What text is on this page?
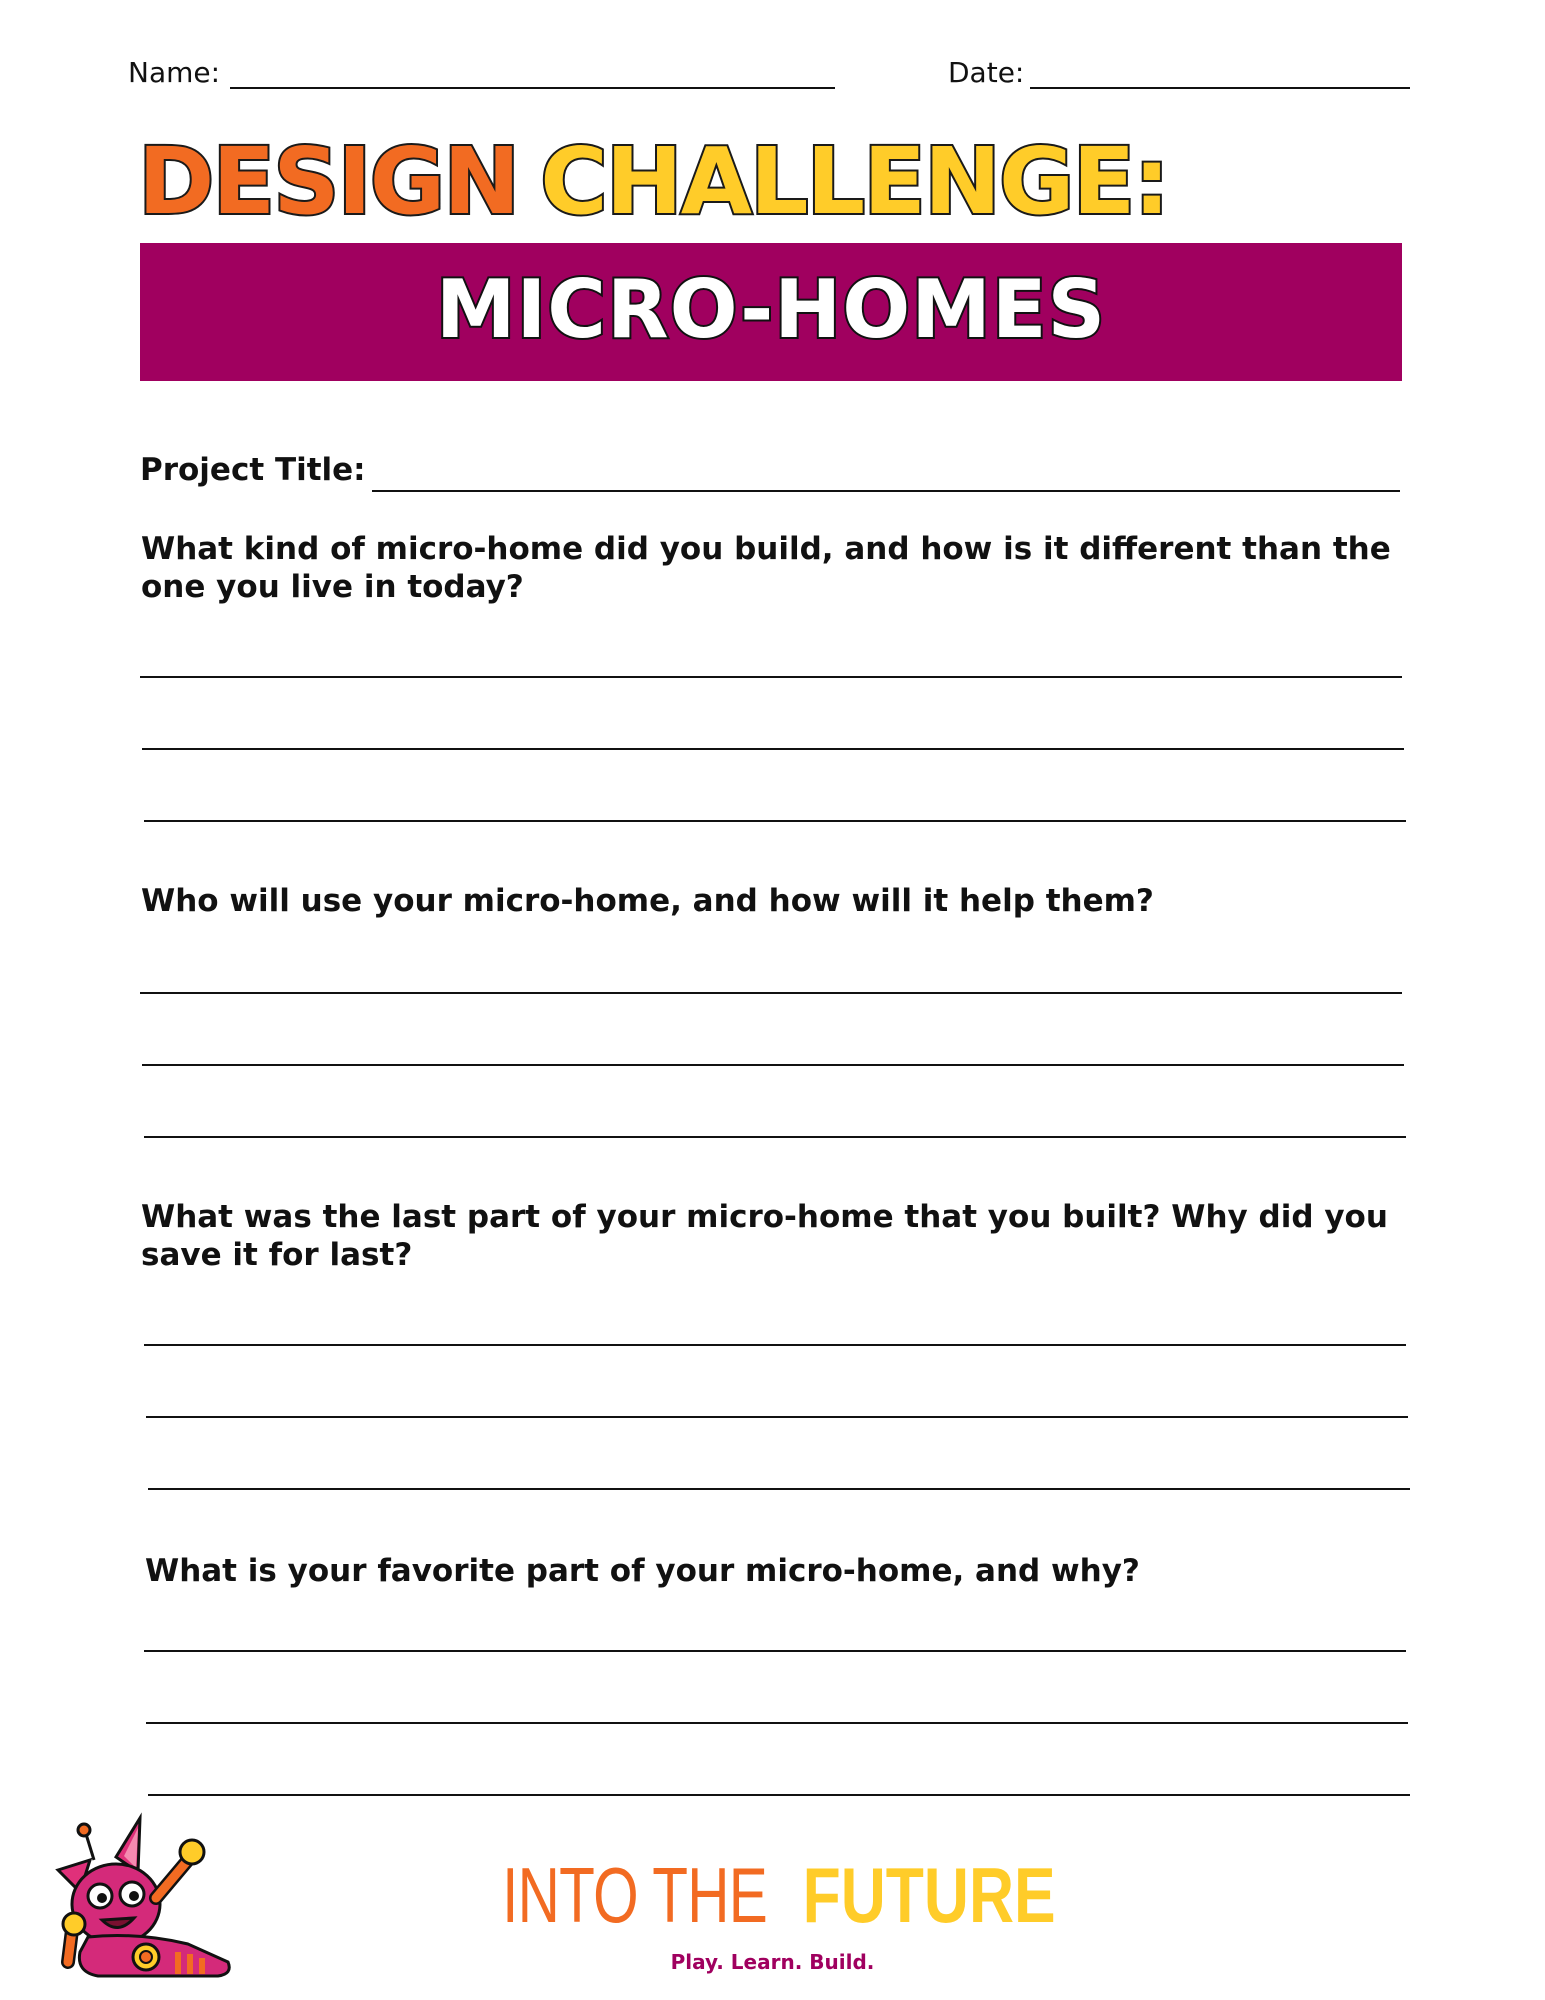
Name:	Date:
DESIGN CHALLENGE:
MICRO-HOMES
Project Title:
What kind of micro-home did you build, and how is it different than the one you live in today?
Who will use your micro-home, and how will it help them?
What was the last part of your micro-home that you built? Why did you save it for last?
What is your favorite part of your micro-home, and why?
INTO THE FUTURE
Play. Learn. Build.
